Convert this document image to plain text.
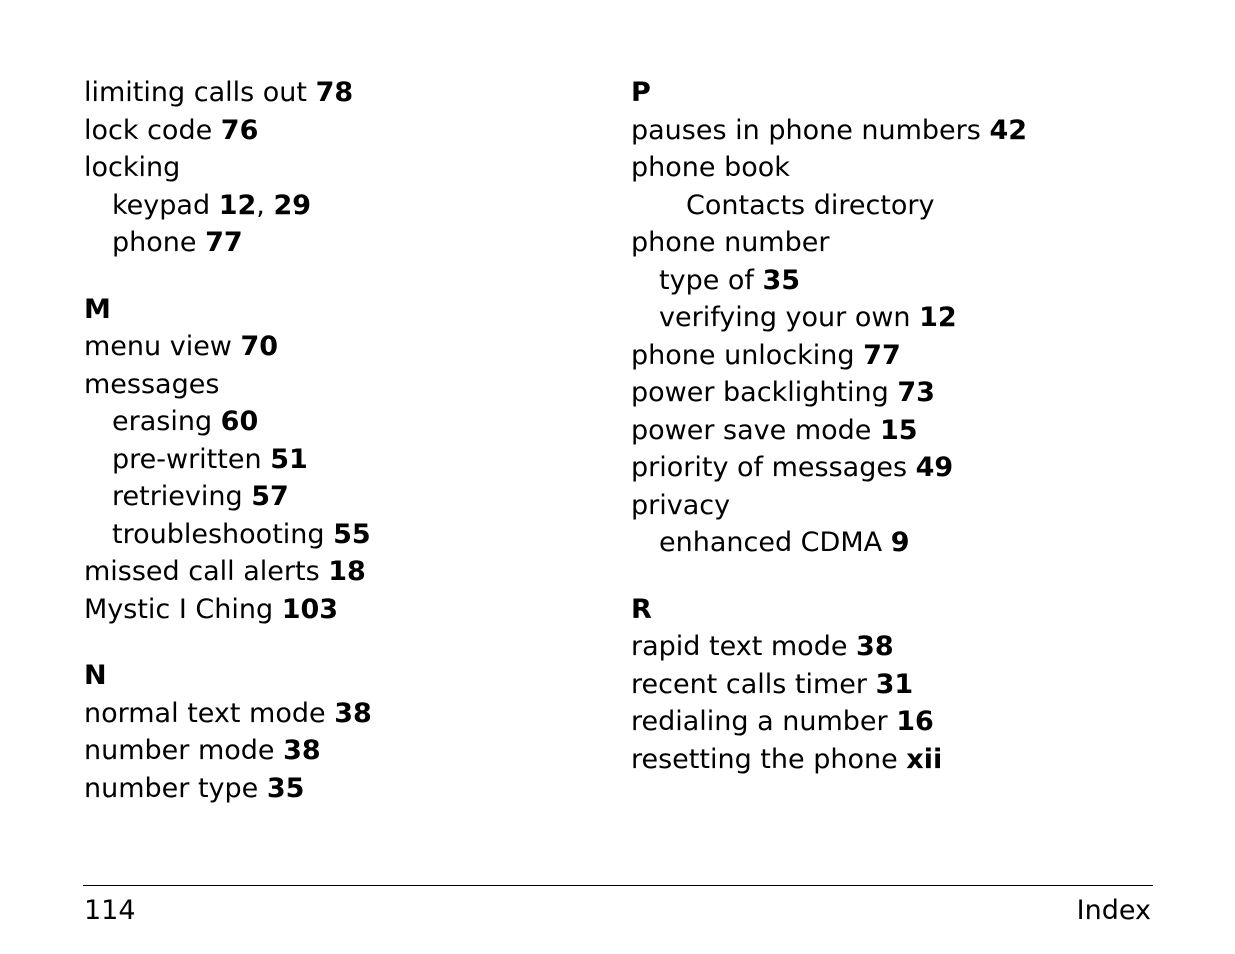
limiting calls out 78
lock code 76
locking
keypad 12, 29
phone 77
M
menu view 70
messages
erasing 60
pre-written 51
retrieving 57
troubleshooting 55
missed call alerts 18
Mystic I Ching 103
N
normal text mode 38
number mode 38
number type 35
P
pauses in phone numbers 42
phone book
Contacts directory
phone number
type of 35
verifying your own 12
phone unlocking 77
power backlighting 73
power save mode 15
priority of messages 49
privacy
enhanced CDMA 9
R
rapid text mode 38
recent calls timer 31
redialing a number 16
resetting the phone xii
114	Index
